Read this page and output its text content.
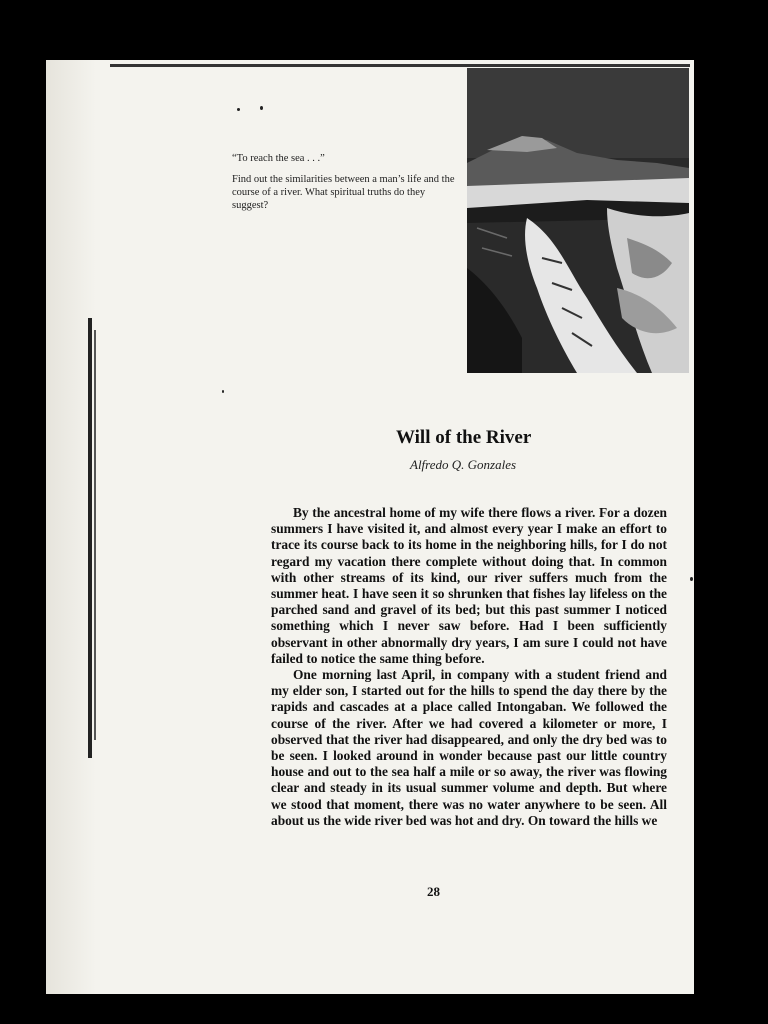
“To reach the sea . . .”

Find out the similarities between a man’s life and the course of a river. What spiritual truths do they suggest?

Will of the River

Alfredo Q. Gonzales

By the ancestral home of my wife there flows a river. For a dozen summers I have visited it, and almost every year I make an effort to trace its course back to its home in the neighboring hills, for I do not regard my vacation there complete without doing that. In common with other streams of its kind, our river suffers much from the summer heat. I have seen it so shrunken that fishes lay lifeless on the parched sand and gravel of its bed; but this past summer I noticed something which I never saw before. Had I been sufficiently observant in other abnormally dry years, I am sure I could not have failed to notice the same thing before.

One morning last April, in company with a student friend and my elder son, I started out for the hills to spend the day there by the rapids and cascades at a place called Intongaban. We followed the course of the river. After we had covered a kilometer or more, I observed that the river had disappeared, and only the dry bed was to be seen. I looked around in wonder because past our little country house and out to the sea half a mile or so away, the river was flowing clear and steady in its usual summer volume and depth. But where we stood that moment, there was no water anywhere to be seen. All about us the wide river bed was hot and dry. On toward the hills we

28
